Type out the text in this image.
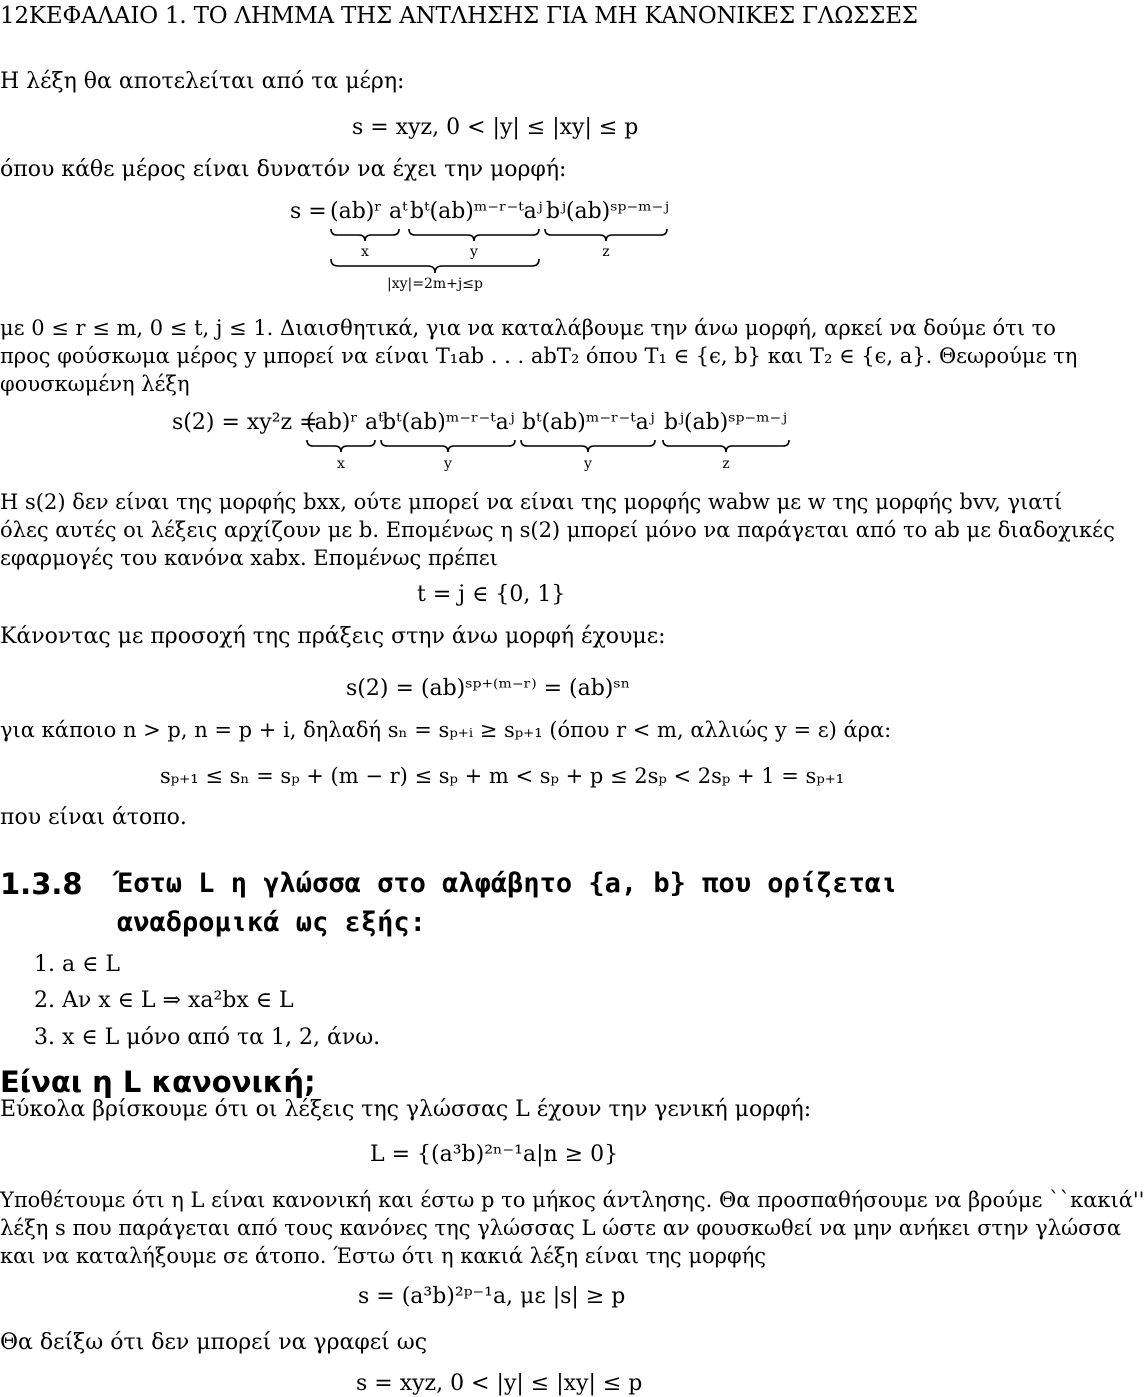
12ΚΕΦΑΛΑΙΟ 1. ΤΟ ΛΗΜΜΑ ΤΗΣ ΑΝΤΛΗΣΗΣ ΓΙΑ ΜΗ ΚΑΝΟΝΙΚΕΣ ΓΛΩΣΣΕΣ
Η λέξη θα αποτελείται από τα μέρη:
s = xyz, 0 < |y| ≤ |xy| ≤ p
όπου κάθε μέρος είναι δυνατόν να έχει την μορφή:
s = (ab)ʳ aᵗ bᵗ(ab)ᵐ⁻ʳ⁻ᵗaʲ bʲ(ab)ˢᵖ⁻ᵐ⁻ʲ
x	y	z
|xy|=2m+j≤p
με 0 ≤ r ≤ m, 0 ≤ t, j ≤ 1. Διαισθητικά, για να καταλάβουμε την άνω μορφή, αρκεί να δούμε ότι το
προς φούσκωμα μέρος y μπορεί να είναι T₁ab . . . abT₂ όπου T₁ ∈ {ϵ, b} και T₂ ∈ {ϵ, a}. Θεωρούμε τη
φουσκωμένη λέξη
s(2) = xy²z =
(ab)ʳ aᵗ
bᵗ(ab)ᵐ⁻ʳ⁻ᵗaʲ bᵗ(ab)ᵐ⁻ʳ⁻ᵗaʲ bʲ(ab)ˢᵖ⁻ᵐ⁻ʲ
x	y	y	z
Η s(2) δεν είναι της μορφής bxx, ούτε μπορεί να είναι της μορφής wabw με w της μορφής bvv, γιατί
όλες αυτές οι λέξεις αρχίζουν με b. Επομένως η s(2) μπορεί μόνο να παράγεται από το ab με διαδοχικές
εφαρμογές του κανόνα xabx. Επομένως πρέπει
t = j ∈ {0, 1}
Κάνοντας με προσοχή της πράξεις στην άνω μορφή έχουμε:
s(2) = (ab)ˢᵖ⁺⁽ᵐ⁻ʳ⁾ = (ab)ˢⁿ
για κάποιο n > p, n = p + i, δηλαδή sₙ = sₚ₊ᵢ ≥ sₚ₊₁ (όπου r < m, αλλιώς y = ε) άρα:
sₚ₊₁ ≤ sₙ = sₚ + (m − r) ≤ sₚ + m < sₚ + p ≤ 2sₚ < 2sₚ + 1 = sₚ₊₁
που είναι άτοπο.
1.3.8 Έστω L η γλώσσα στο αλφάβητο {a, b} που ορίζεται
αναδρομικά ως εξής:
1. a ∈ L
2. Αν x ∈ L ⇒ xa²bx ∈ L
3. x ∈ L μόνο από τα 1, 2, άνω.
Είναι η L κανονική;
Εύκολα βρίσκουμε ότι οι λέξεις της γλώσσας L έχουν την γενική μορφή:
L = {(a³b)²ⁿ⁻¹a|n ≥ 0}
Υποθέτουμε ότι η L είναι κανονική και έστω p το μήκος άντλησης. Θα προσπαθήσουμε να βρούμε ``κακιά''
λέξη s που παράγεται από τους κανόνες της γλώσσας L ώστε αν φουσκωθεί να μην ανήκει στην γλώσσα
και να καταλήξουμε σε άτοπο. Έστω ότι η κακιά λέξη είναι της μορφής
s = (a³b)²ᵖ⁻¹a, με |s| ≥ p
Θα δείξω ότι δεν μπορεί να γραφεί ως
s = xyz, 0 < |y| ≤ |xy| ≤ p
